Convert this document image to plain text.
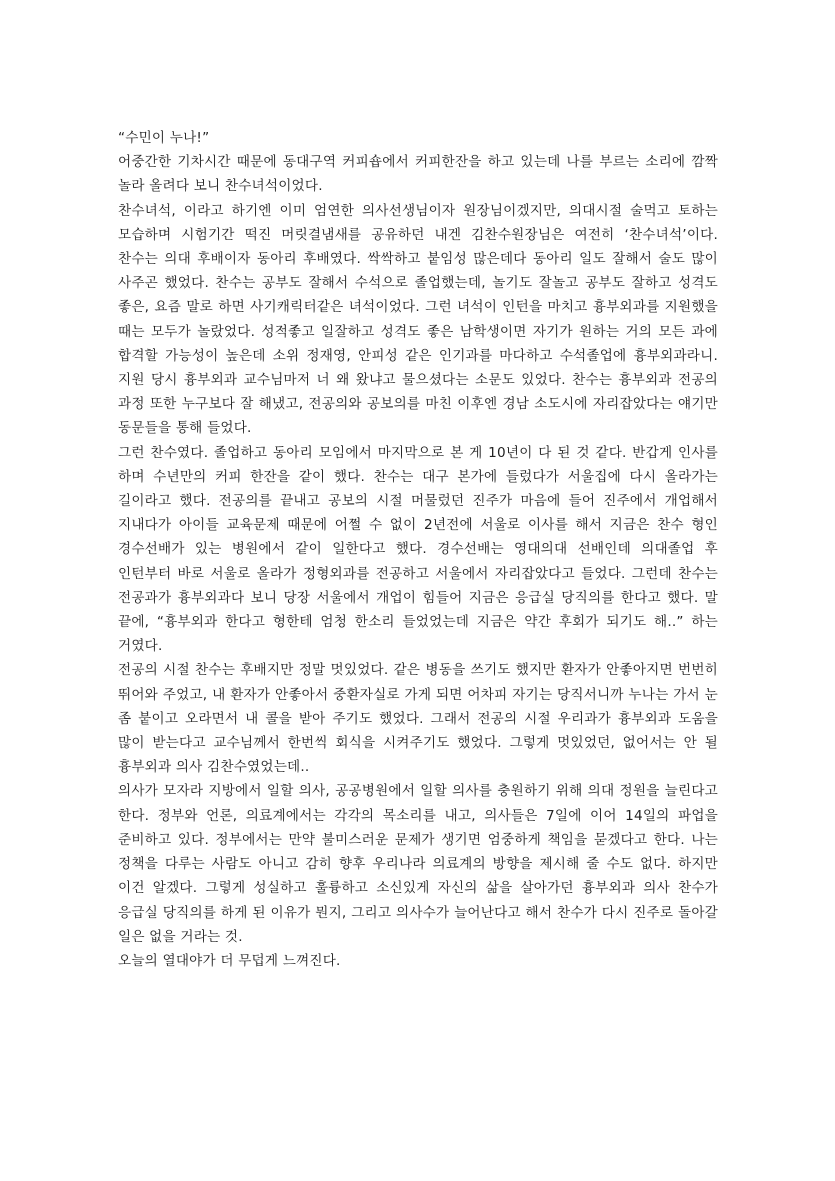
“수민이 누나!”

어중간한 기차시간 때문에 동대구역 커피숍에서 커피한잔을 하고 있는데 나를 부르는 소리에 깜짝 놀라 올려다 보니 찬수녀석이었다.

찬수녀석, 이라고 하기엔 이미 엄연한 의사선생님이자 원장님이겠지만, 의대시절 술먹고 토하는 모습하며 시험기간 떡진 머릿결냄새를 공유하던 내겐 김찬수원장님은 여전히 ‘찬수녀석’이다. 찬수는 의대 후배이자 동아리 후배였다. 싹싹하고 붙임성 많은데다 동아리 일도 잘해서 술도 많이 사주곤 했었다. 찬수는 공부도 잘해서 수석으로 졸업했는데, 놀기도 잘놀고 공부도 잘하고 성격도 좋은, 요즘 말로 하면 사기캐릭터같은 녀석이었다. 그런 녀석이 인턴을 마치고 흉부외과를 지원했을 때는 모두가 놀랐었다. 성적좋고 일잘하고 성격도 좋은 남학생이면 자기가 원하는 거의 모든 과에 합격할 가능성이 높은데 소위 정재영, 안피성 같은 인기과를 마다하고 수석졸업에 흉부외과라니. 지원 당시 흉부외과 교수님마저 너 왜 왔냐고 물으셨다는 소문도 있었다. 찬수는 흉부외과 전공의 과정 또한 누구보다 잘 해냈고, 전공의와 공보의를 마친 이후엔 경남 소도시에 자리잡았다는 얘기만 동문들을 통해 들었다.

그런 찬수였다. 졸업하고 동아리 모임에서 마지막으로 본 게 10년이 다 된 것 같다. 반갑게 인사를 하며 수년만의 커피 한잔을 같이 했다. 찬수는 대구 본가에 들렀다가 서울집에 다시 올라가는 길이라고 했다. 전공의를 끝내고 공보의 시절 머물렀던 진주가 마음에 들어 진주에서 개업해서 지내다가 아이들 교육문제 때문에 어쩔 수 없이 2년전에 서울로 이사를 해서 지금은 찬수 형인 경수선배가 있는 병원에서 같이 일한다고 했다. 경수선배는 영대의대 선배인데 의대졸업 후 인턴부터 바로 서울로 올라가 정형외과를 전공하고 서울에서 자리잡았다고 들었다. 그런데 찬수는 전공과가 흉부외과다 보니 당장 서울에서 개업이 힘들어 지금은 응급실 당직의를 한다고 했다. 말 끝에, “흉부외과 한다고 형한테 엄청 한소리 들었었는데 지금은 약간 후회가 되기도 해..” 하는 거였다.

전공의 시절 찬수는 후배지만 정말 멋있었다. 같은 병동을 쓰기도 했지만 환자가 안좋아지면 번번히 뛰어와 주었고, 내 환자가 안좋아서 중환자실로 가게 되면 어차피 자기는 당직서니까 누나는 가서 눈 좀 붙이고 오라면서 내 콜을 받아 주기도 했었다. 그래서 전공의 시절 우리과가 흉부외과 도움을 많이 받는다고 교수님께서 한번씩 회식을 시켜주기도 했었다. 그렇게 멋있었던, 없어서는 안 될 흉부외과 의사 김찬수였었는데..

의사가 모자라 지방에서 일할 의사, 공공병원에서 일할 의사를 충원하기 위해 의대 정원을 늘린다고 한다. 정부와 언론, 의료계에서는 각각의 목소리를 내고, 의사들은 7일에 이어 14일의 파업을 준비하고 있다. 정부에서는 만약 불미스러운 문제가 생기면 엄중하게 책임을 묻겠다고 한다. 나는 정책을 다루는 사람도 아니고 감히 향후 우리나라 의료계의 방향을 제시해 줄 수도 없다. 하지만 이건 알겠다. 그렇게 성실하고 훌륭하고 소신있게 자신의 삶을 살아가던 흉부외과 의사 찬수가 응급실 당직의를 하게 된 이유가 뭔지, 그리고 의사수가 늘어난다고 해서 찬수가 다시 진주로 돌아갈 일은 없을 거라는 것.

오늘의 열대야가 더 무덥게 느껴진다.
